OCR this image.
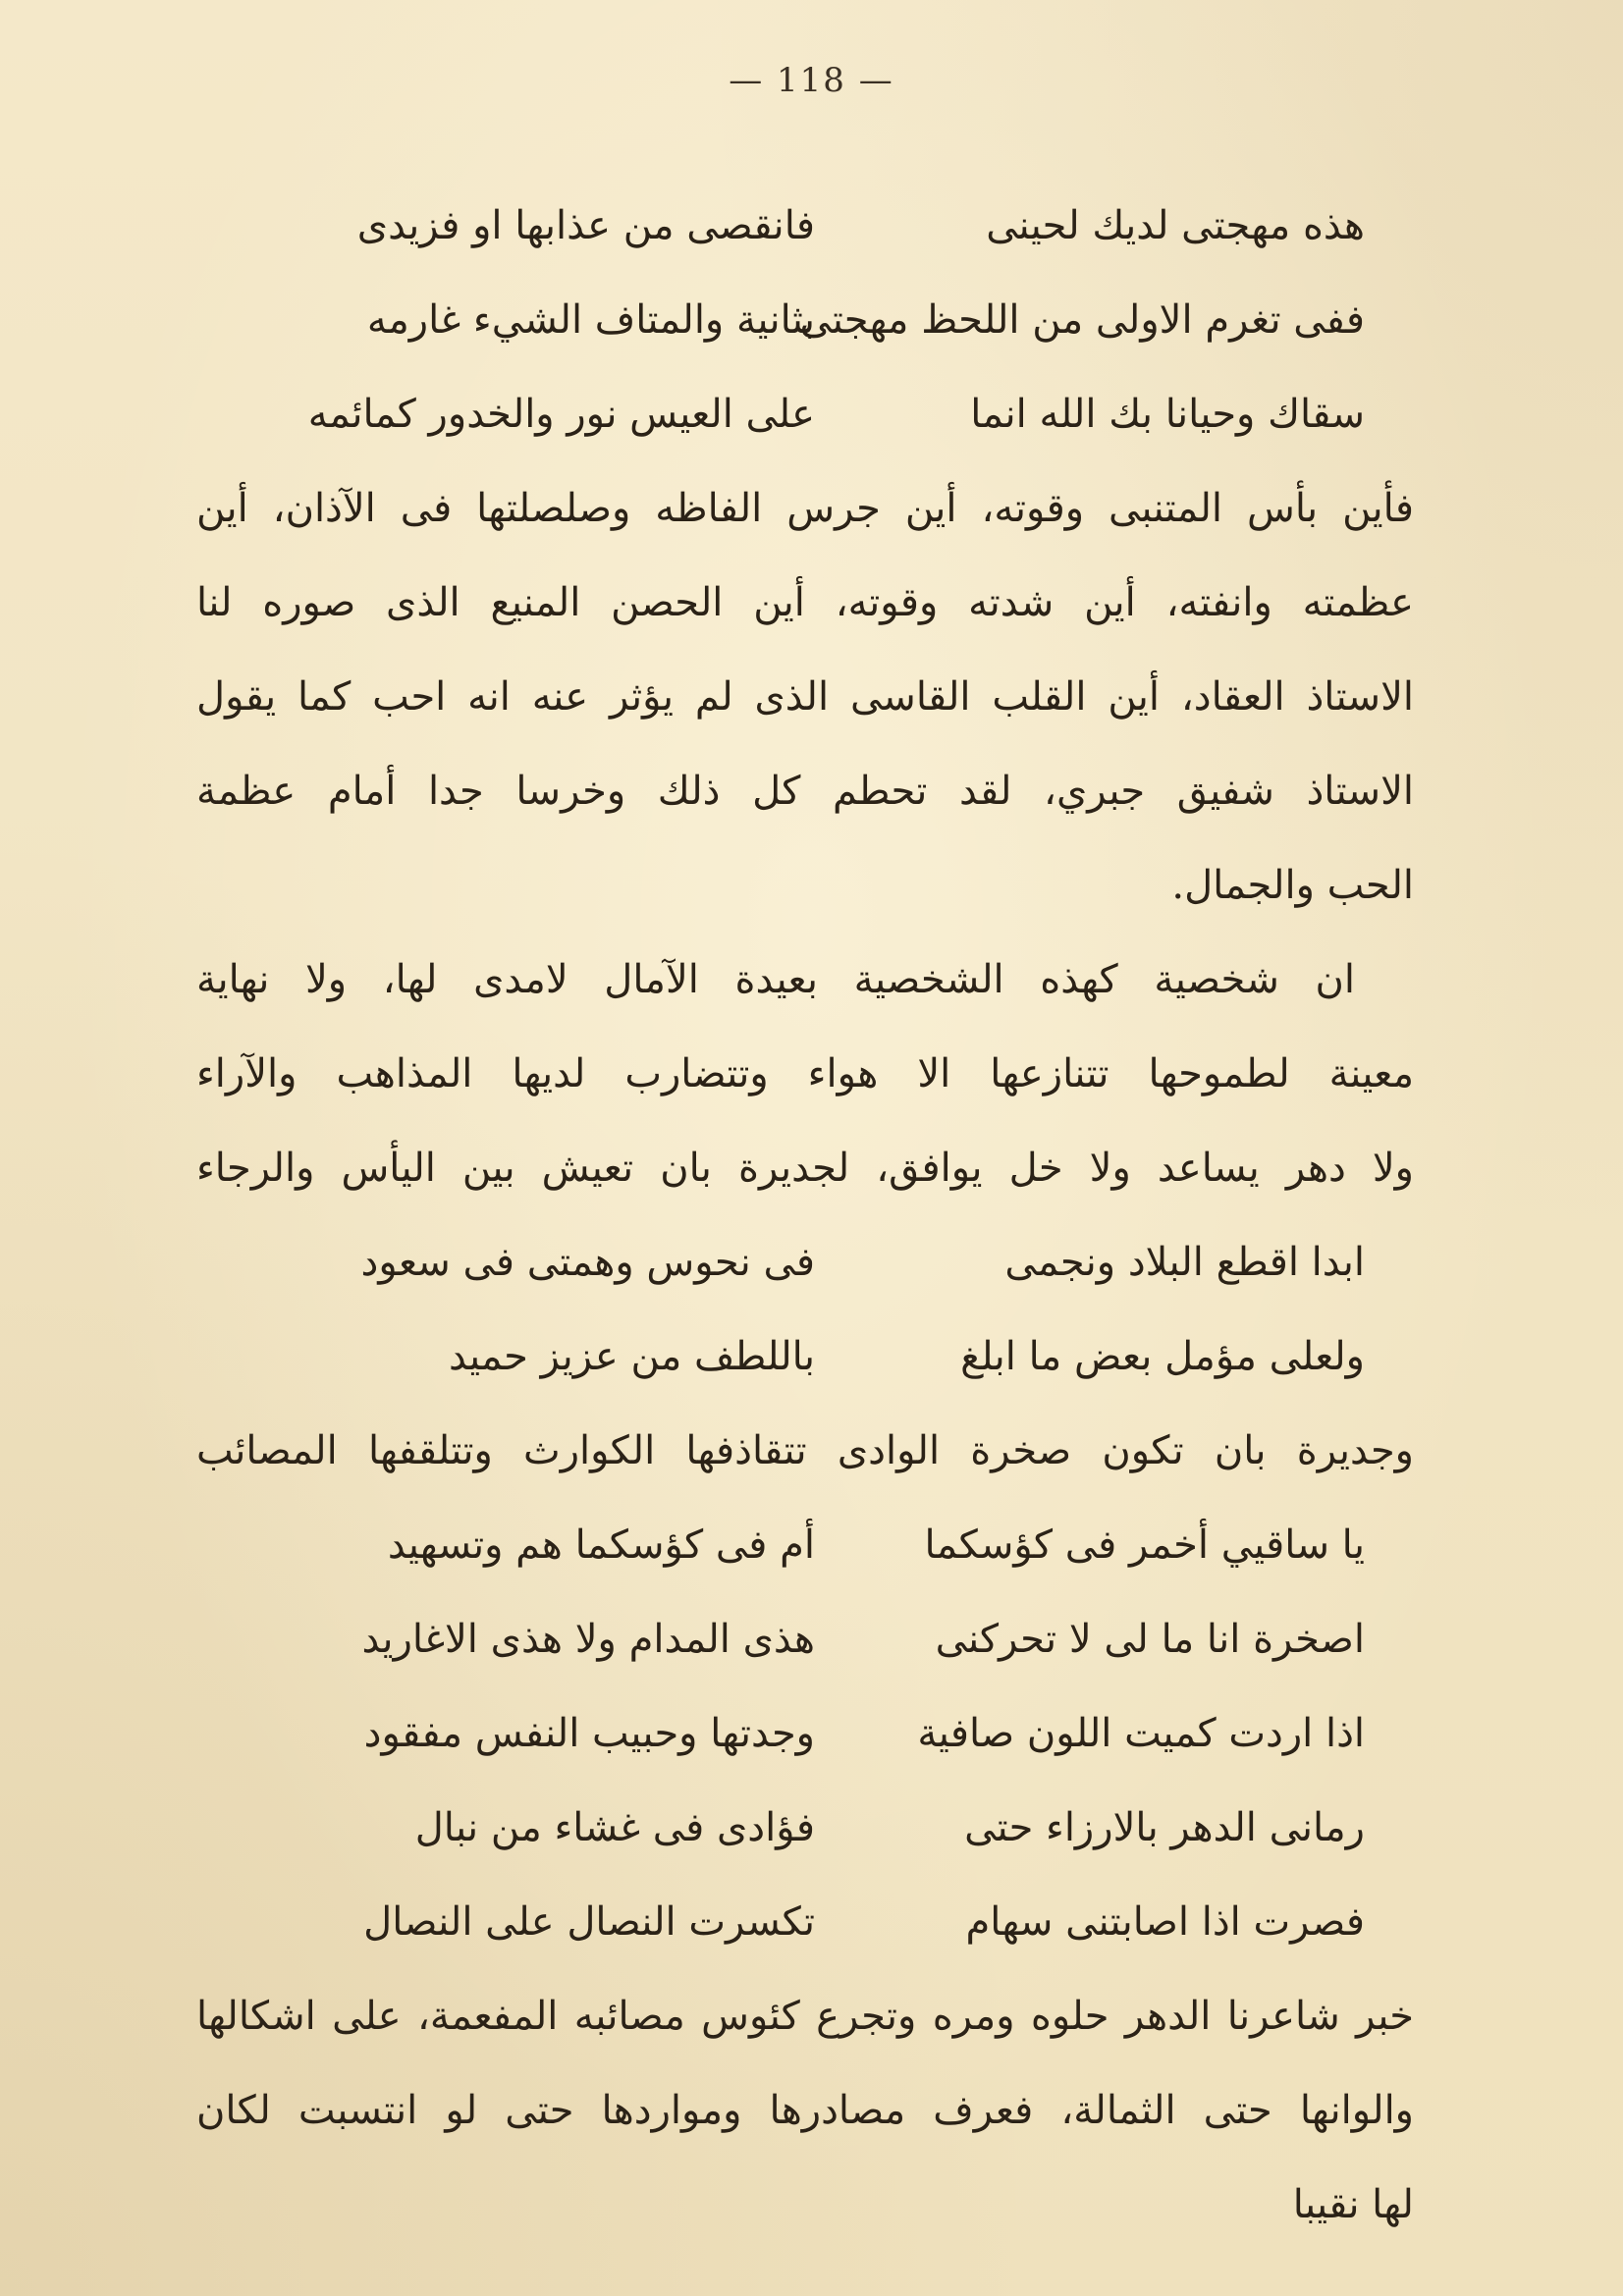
— 118 —
هذه مهجتى لديك لحينى
فانقصى من عذابها او فزيدى
ففى تغرم الاولى من اللحظ مهجتى
بثانية والمتاف الشيء غارمه
سقاك وحيانا بك الله انما
على العيس نور والخدور كمائمه
فأين بأس المتنبى وقوته، أين جرس الفاظه وصلصلتها فى الآذان، أين
عظمته وانفته، أين شدته وقوته، أين الحصن المنيع الذى صوره لنا
الاستاذ العقاد، أين القلب القاسى الذى لم يؤثر عنه انه احب كما يقول
الاستاذ شفيق جبري، لقد تحطم كل ذلك وخرسا جدا أمام عظمة
الحب والجمال.
ان شخصية كهذه الشخصية بعيدة الآمال لامدى لها، ولا نهاية
معينة لطموحها تتنازعها الا هواء وتتضارب لديها المذاهب والآراء
ولا دهر يساعد ولا خل يوافق، لجديرة بان تعيش بين اليأس والرجاء
ابدا اقطع البلاد ونجمى
فى نحوس وهمتى فى سعود
ولعلى مؤمل بعض ما ابلغ
باللطف من عزيز حميد
وجديرة بان تكون صخرة الوادى تتقاذفها الكوارث وتتلقفها المصائب
يا ساقيي أخمر فى كؤسكما
أم فى كؤسكما هم وتسهيد
اصخرة انا ما لى لا تحركنى
هذى المدام ولا هذى الاغاريد
اذا اردت كميت اللون صافية
وجدتها وحبيب النفس مفقود
رمانى الدهر بالارزاء حتى
فؤادى فى غشاء من نبال
فصرت اذا اصابتنى سهام
تكسرت النصال على النصال
خبر شاعرنا الدهر حلوه ومره وتجرع كئوس مصائبه المفعمة، على اشكالها
والوانها حتى الثمالة، فعرف مصادرها ومواردها حتى لو انتسبت لكان
لها نقيبا
